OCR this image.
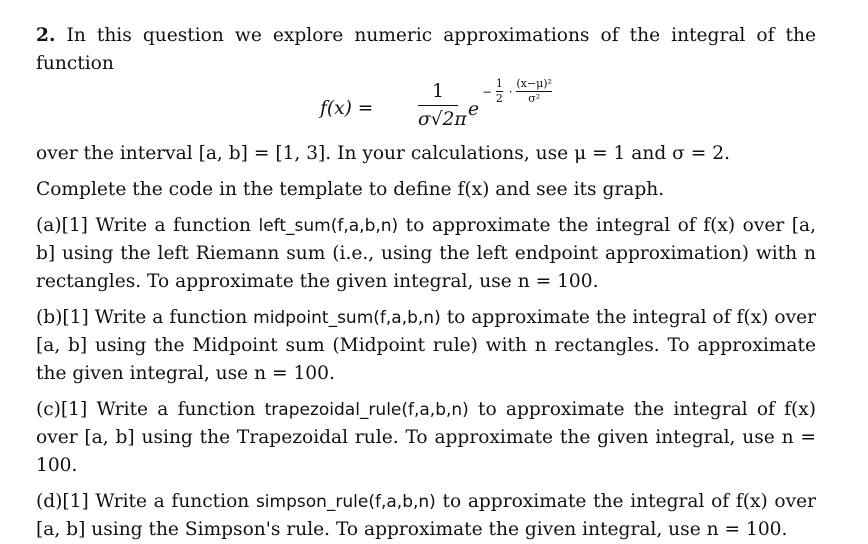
2. In this question we explore numeric approximations of the integral of the function

f(x) =
1
σ√2π e
− $\frac{1}{2} \cdot \frac{\text{(x−μ)²}}{\text{σ²}}$

over the interval [a, b] = [1, 3]. In your calculations, use μ = 1 and σ = 2.

Complete the code in the template to define f(x) and see its graph.

(a)[1] Write a function left_sum(f,a,b,n) to approximate the integral of f(x) over [a, b] using the left Riemann sum (i.e., using the left endpoint approximation) with n rectangles. To approximate the given integral, use n = 100.

(b)[1] Write a function midpoint_sum(f,a,b,n) to approximate the integral of f(x) over [a, b] using the Midpoint sum (Midpoint rule) with n rectangles. To approximate the given integral, use n = 100.

(c)[1] Write a function trapezoidal_rule(f,a,b,n) to approximate the integral of f(x) over [a, b] using the Trapezoidal rule. To approximate the given integral, use n = 100.

(d)[1] Write a function simpson_rule(f,a,b,n) to approximate the integral of f(x) over [a, b] using the Simpson's rule. To approximate the given integral, use n = 100.
